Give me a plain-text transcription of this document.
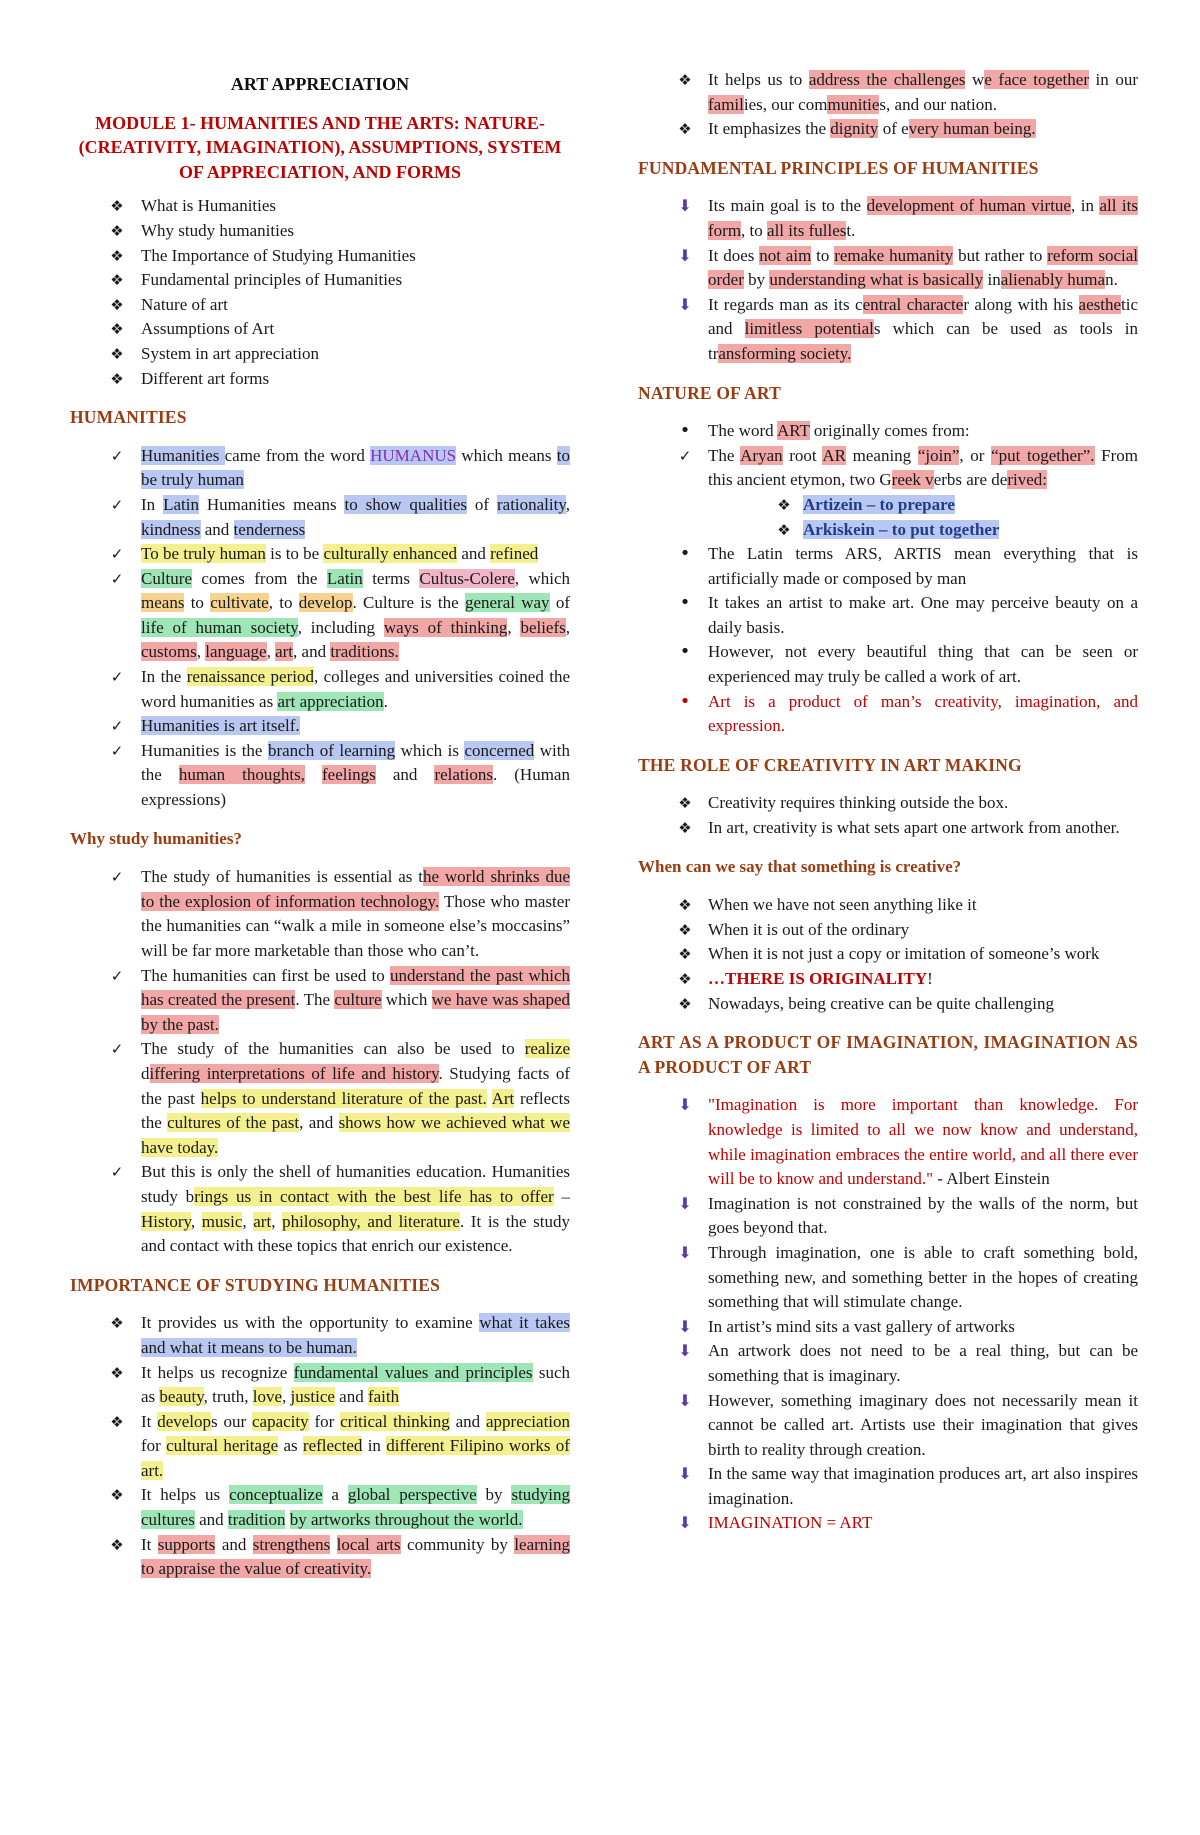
ART APPRECIATION
MODULE 1- HUMANITIES AND THE ARTS: NATURE- (CREATIVITY, IMAGINATION), ASSUMPTIONS, SYSTEM OF APPRECIATION, AND FORMS
❖ What is Humanities
❖ Why study humanities
❖ The Importance of Studying Humanities
❖ Fundamental principles of Humanities
❖ Nature of art
❖ Assumptions of Art
❖ System in art appreciation
❖ Different art forms
HUMANITIES
✓ Humanities came from the word HUMANUS which means to be truly human
✓ In Latin Humanities means to show qualities of rationality, kindness and tenderness
✓ To be truly human is to be culturally enhanced and refined
✓ Culture comes from the Latin terms Cultus-Colere, which means to cultivate, to develop. Culture is the general way of life of human society, including ways of thinking, beliefs, customs, language, art, and traditions.
✓ In the renaissance period, colleges and universities coined the word humanities as art appreciation.
✓ Humanities is art itself.
✓ Humanities is the branch of learning which is concerned with the human thoughts, feelings and relations. (Human expressions)
Why study humanities?
✓ The study of humanities is essential as the world shrinks due to the explosion of information technology. Those who master the humanities can “walk a mile in someone else’s moccasins” will be far more marketable than those who can’t.
✓ The humanities can first be used to understand the past which has created the present. The culture which we have was shaped by the past.
✓ The study of the humanities can also be used to realize differing interpretations of life and history. Studying facts of the past helps to understand literature of the past. Art reflects the cultures of the past, and shows how we achieved what we have today.
✓ But this is only the shell of humanities education. Humanities study brings us in contact with the best life has to offer – History, music, art, philosophy, and literature. It is the study and contact with these topics that enrich our existence.
IMPORTANCE OF STUDYING HUMANITIES
❖ It provides us with the opportunity to examine what it takes and what it means to be human.
❖ It helps us recognize fundamental values and principles such as beauty, truth, love, justice and faith
❖ It develops our capacity for critical thinking and appreciation for cultural heritage as reflected in different Filipino works of art.
❖ It helps us conceptualize a global perspective by studying cultures and tradition by artworks throughout the world.
❖ It supports and strengthens local arts community by learning to appraise the value of creativity.
❖ It helps us to address the challenges we face together in our families, our communities, and our nation.
❖ It emphasizes the dignity of every human being.
FUNDAMENTAL PRINCIPLES OF HUMANITIES
⬇ Its main goal is to the development of human virtue, in all its form, to all its fullest.
⬇ It does not aim to remake humanity but rather to reform social order by understanding what is basically inalienably human.
⬇ It regards man as its central character along with his aesthetic and limitless potentials which can be used as tools in transforming society.
NATURE OF ART
•	The word ART originally comes from:
✓ The Aryan root AR meaning “join”, or “put together”. From this ancient etymon, two Greek verbs are derived:
❖ Artizein – to prepare
❖ Arkiskein – to put together
•	The Latin terms ARS, ARTIS mean everything that is artificially made or composed by man
•	It takes an artist to make art. One may perceive beauty on a daily basis.
•	However, not every beautiful thing that can be seen or experienced may truly be called a work of art.
•	Art is a product of man’s creativity, imagination, and expression.
THE ROLE OF CREATIVITY IN ART MAKING
❖ Creativity requires thinking outside the box.
❖ In art, creativity is what sets apart one artwork from another.
When can we say that something is creative?
❖ When we have not seen anything like it
❖ When it is out of the ordinary
❖ When it is not just a copy or imitation of someone’s work
❖ …THERE IS ORIGINALITY!
❖ Nowadays, being creative can be quite challenging
ART AS A PRODUCT OF IMAGINATION, IMAGINATION AS A PRODUCT OF ART
⬇ "Imagination is more important than knowledge. For knowledge is limited to all we now know and understand, while imagination embraces the entire world, and all there ever will be to know and understand." - Albert Einstein
⬇ Imagination is not constrained by the walls of the norm, but goes beyond that.
⬇ Through imagination, one is able to craft something bold, something new, and something better in the hopes of creating something that will stimulate change.
⬇ In artist’s mind sits a vast gallery of artworks
⬇ An artwork does not need to be a real thing, but can be something that is imaginary.
⬇ However, something imaginary does not necessarily mean it cannot be called art. Artists use their imagination that gives birth to reality through creation.
⬇ In the same way that imagination produces art, art also inspires imagination.
⬇ IMAGINATION = ART
